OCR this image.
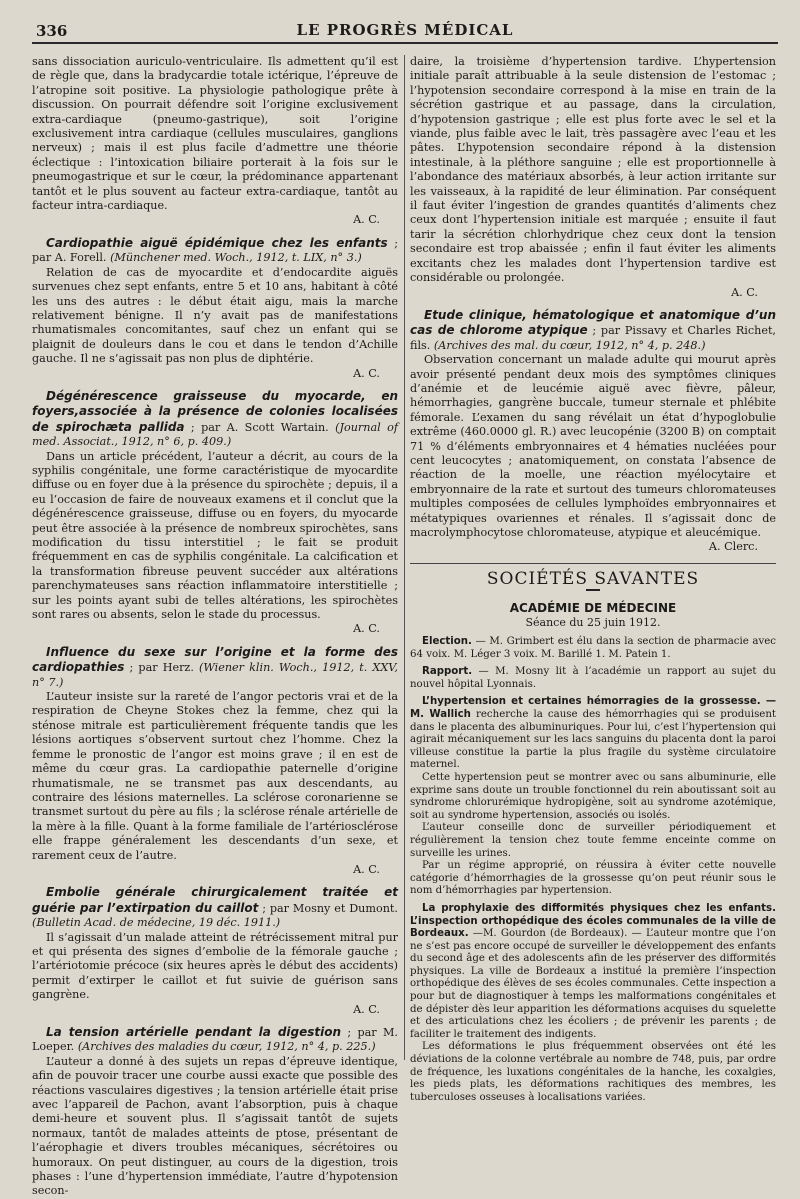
336	LE PROGRÈS MÉDICAL

sans dissociation auriculo-ventriculaire. Ils admettent qu’il est de règle que, dans la bradycardie totale ictérique, l’épreuve de l’atropine soit positive. La physiologie pathologique prête à discussion. On pourrait défendre soit l’origine exclusivement extra-cardiaque (pneumo-gastrique), soit l’origine exclusivement intra cardiaque (cellules musculaires, ganglions nerveux) ; mais il est plus facile d’admettre une théorie éclectique : l’intoxication biliaire porterait à la fois sur le pneumogastrique et sur le cœur, la prédominance appartenant tantôt et le plus souvent au facteur extra-cardiaque, tantôt au facteur intra-cardiaque.

A. C.

Cardiopathie aiguë épidémique chez les enfants ; par A. Forell. (Münchener med. Woch., 1912, t. LIX, n° 3.)

Relation de cas de myocardite et d’endocardite aiguës survenues chez sept enfants, entre 5 et 10 ans, habitant à côté les uns des autres : le début était aigu, mais la marche relativement bénigne. Il n’y avait pas de manifestations rhumatismales concomitantes, sauf chez un enfant qui se plaignit de douleurs dans le cou et dans le tendon d’Achille gauche. Il ne s’agissait pas non plus de diphtérie.

A. C.

Dégénérescence graisseuse du myocarde, en foyers,associée à la présence de colonies localisées de spirochæta pallida ; par A. Scott Wartain. (Journal of med. Associat., 1912, n° 6, p. 409.)

Dans un article précédent, l’auteur a décrit, au cours de la syphilis congénitale, une forme caractéristique de myocardite diffuse ou en foyer due à la présence du spirochète ; depuis, il a eu l’occasion de faire de nouveaux examens et il conclut que la dégénérescence graisseuse, diffuse ou en foyers, du myocarde peut être associée à la présence de nombreux spirochètes, sans modification du tissu interstitiel ; le fait se produit fréquemment en cas de syphilis congénitale. La calcification et la transformation fibreuse peuvent succéder aux altérations parenchymateuses sans réaction inflammatoire interstitielle ; sur les points ayant subi de telles altérations, les spirochètes sont rares ou absents, selon le stade du processus.

A. C.

Influence du sexe sur l’origine et la forme des cardiopathies ; par Herz. (Wiener klin. Woch., 1912, t. XXV, n° 7.)

L’auteur insiste sur la rareté de l’angor pectoris vrai et de la respiration de Cheyne Stokes chez la femme, chez qui la sténose mitrale est particulièrement fréquente tandis que les lésions aortiques s’observent surtout chez l’homme. Chez la femme le pronostic de l’angor est moins grave ; il en est de même du cœur gras. La cardiopathie paternelle d’origine rhumatismale, ne se transmet pas aux descendants, au contraire des lésions maternelles. La sclérose coronarienne se transmet surtout du père au fils ; la sclérose rénale artérielle de la mère à la fille. Quant à la forme familiale de l’artériosclérose elle frappe généralement les descendants d’un sexe, et rarement ceux de l’autre.

A. C.

Embolie générale chirurgicalement traitée et guérie par l’extirpation du caillot ; par Mosny et Dumont. (Bulletin Acad. de médecine, 19 déc. 1911.)

Il s’agissait d’un malade atteint de rétrécissement mitral pur et qui présenta des signes d’embolie de la fémorale gauche ; l’artériotomie précoce (six heures après le début des accidents) permit d’extirper le caillot et fut suivie de guérison sans gangrène.

A. C.

La tension artérielle pendant la digestion ; par M. Loeper. (Archives des maladies du cœur, 1912, n° 4, p. 225.)

L’auteur a donné à des sujets un repas d’épreuve identique, afin de pouvoir tracer une courbe aussi exacte que possible des réactions vasculaires digestives ; la tension artérielle était prise avec l’appareil de Pachon, avant l’absorption, puis à chaque demi-heure et souvent plus. Il s’agissait tantôt de sujets normaux, tantôt de malades atteints de ptose, présentant de l’aérophagie et divers troubles mécaniques, sécrétoires ou humoraux. On peut distinguer, au cours de la digestion, trois phases : l’une d’hypertension immédiate, l’autre d’hypotension secon-

daire, la troisième d’hypertension tardive. L’hypertension initiale paraît attribuable à la seule distension de l’estomac ; l’hypotension secondaire correspond à la mise en train de la sécrétion gastrique et au passage, dans la circulation, d’hypotension gastrique ; elle est plus forte avec le sel et la viande, plus faible avec le lait, très passagère avec l’eau et les pâtes. L’hypotension secondaire répond à la distension intestinale, à la pléthore sanguine ; elle est proportionnelle à l’abondance des matériaux absorbés, à leur action irritante sur les vaisseaux, à la rapidité de leur élimination. Par conséquent il faut éviter l’ingestion de grandes quantités d’aliments chez ceux dont l’hypertension initiale est marquée ; ensuite il faut tarir la sécrétion chlorhydrique chez ceux dont la tension secondaire est trop abaissée ; enfin il faut éviter les aliments excitants chez les malades dont l’hypertension tardive est considérable ou prolongée.

A. C.

Etude clinique, hématologique et anatomique d’un cas de chlorome atypique ; par Pissavy et Charles Richet, fils. (Archives des mal. du cœur, 1912, n° 4, p. 248.)

Observation concernant un malade adulte qui mourut après avoir présenté pendant deux mois des symptômes cliniques d’anémie et de leucémie aiguë avec fièvre, pâleur, hémorrhagies, gangrène buccale, tumeur sternale et phlébite fémorale. L’examen du sang révélait un état d’hypoglobulie extrême (460.0000 gl. R.) avec leucopénie (3200 B) on comptait 71 % d’éléments embryonnaires et 4 hématies nucléées pour cent leucocytes ; anatomiquement, on constata l’absence de réaction de la moelle, une réaction myélocytaire et embryonnaire de la rate et surtout des tumeurs chloromateuses multiples composées de cellules lymphoïdes embryonnaires et métatypiques ovariennes et rénales. Il s’agissait donc de macrolymphocytose chloromateuse, atypique et aleucémique.

A. Clerc.

SOCIÉTÉS SAVANTES
ACADÉMIE DE MÉDECINE
Séance du 25 juin 1912.

Election. — M. Grimbert est élu dans la section de pharmacie avec 64 voix. M. Léger 3 voix. M. Barillé 1. M. Patein 1.

Rapport. — M. Mosny lit à l’académie un rapport au sujet du nouvel hôpital Lyonnais.

L’hypertension et certaines hémorragies de la grossesse. — M. Wallich recherche la cause des hémorrhagies qui se produisent dans le placenta des albuminuriques. Pour lui, c’est l’hypertension qui agirait mécaniquement sur les lacs sanguins du placenta dont la paroi villeuse constitue la partie la plus fragile du système circulatoire maternel.

Cette hypertension peut se montrer avec ou sans albuminurie, elle exprime sans doute un trouble fonctionnel du rein aboutissant soit au syndrome chlorurémique hydropigène, soit au syndrome azotémique, soit au syndrome hypertension, associés ou isolés.

L’auteur conseille donc de surveiller périodiquement et régulièrement la tension chez toute femme enceinte comme on surveille les urines.

Par un régime approprié, on réussira à éviter cette nouvelle catégorie d’hémorrhagies de la grossesse qu’on peut réunir sous le nom d’hémorrhagies par hypertension.

La prophylaxie des difformités physiques chez les enfants. L’inspection orthopédique des écoles communales de la ville de Bordeaux. —M. Gourdon (de Bordeaux). — L’auteur montre que l’on ne s’est pas encore occupé de surveiller le développement des enfants du second âge et des adolescents afin de les préserver des difformités physiques. La ville de Bordeaux a institué la première l’inspection orthopédique des élèves de ses écoles communales. Cette inspection a pour but de diagnostiquer à temps les malformations congénitales et de dépister dès leur apparition les déformations acquises du squelette et des articulations chez les écoliers ; de prévenir les parents ; de faciliter le traitement des indigents.

Les déformations le plus fréquemment observées ont été les déviations de la colonne vertébrale au nombre de 748, puis, par ordre de fréquence, les luxations congénitales de la hanche, les coxalgies, les pieds plats, les déformations rachitiques des membres, les tuberculoses osseuses à localisations variées.
